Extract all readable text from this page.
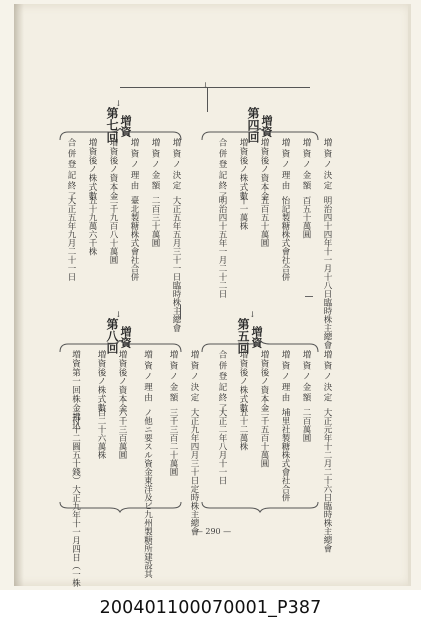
↓
第四回 増資
増資ノ決定
明治四十四年十一月十八日臨時株主總會
増資ノ金額
百五十萬圓
増資ノ理由
怡記製糖株式會社合併
増資後ノ資本金
五百五十萬圓
増資後ノ株式數
十一萬株
合併登記終了
明治四十五年一月二十二日
↓
第七回 増資
増資ノ決定
大正五年五月三十一日臨時株主總會
増資ノ金額
二百三十萬圓
増資ノ理由
臺北製糖株式會社合併
増資後ノ資本金
二千九百八十萬圓
増資後ノ株式數
五十九萬六千株
合併登記終了
大正五年九月二十一日
↓
第五回 増資
増資ノ決定
大正元年十二月二十六日臨時株主總會
増資ノ金額
二百萬圓
増資ノ理由
埔里社製糖株式會社合併
増資後ノ資本金
二千五百十萬圓
増資後ノ株式數
五十二萬株
合併登記終了
大正二年八月十一日
↓
第八回 増資
増資ノ決定
大正九年四月三十日定時株主總會
増資ノ金額
三千三百二十萬圓
増資ノ理由
東洋及ビ九州製糖所建設其
ノ他ニ要スル資金
増資後ノ資本金
六千三百萬圓
増資後ノ株式數
百二十六萬株
増資第一回株金拂込
大正九年十一月四日（一株
ニ付十二圓五十錢）
— 290 —
200401100070001_P387
